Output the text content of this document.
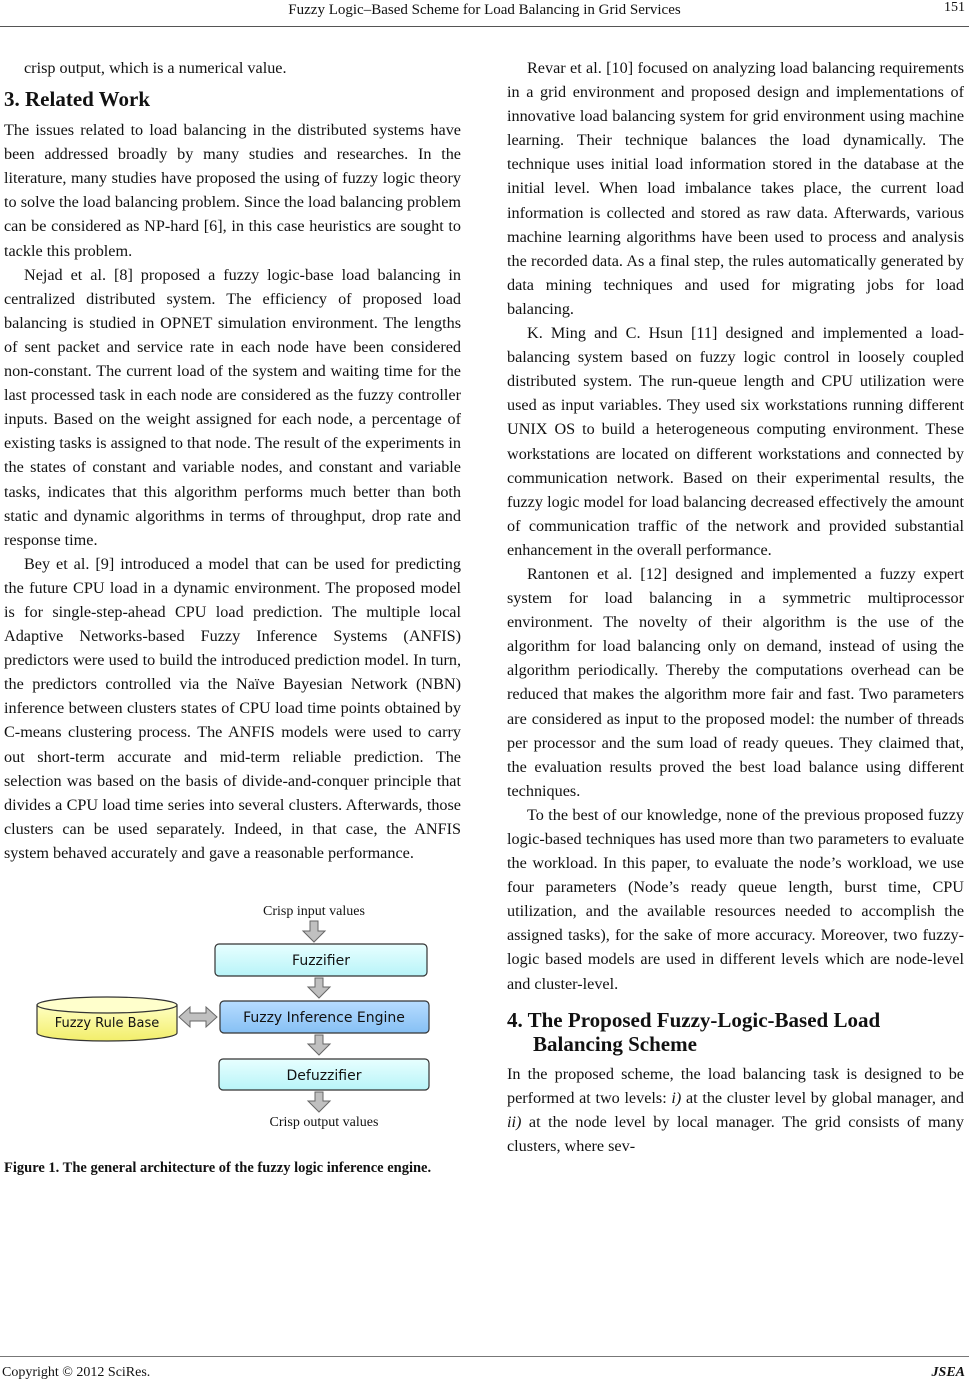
Fuzzy Logic–Based Scheme for Load Balancing in Grid Services	151

crisp output, which is a numerical value.

3. Related Work

The issues related to load balancing in the distributed systems have been addressed broadly by many studies and researches. In the literature, many studies have proposed the using of fuzzy logic theory to solve the load balancing problem. Since the load balancing problem can be considered as NP-hard [6], in this case heuristics are sought to tackle this problem.

Nejad et al. [8] proposed a fuzzy logic-base load balancing in centralized distributed system. The efficiency of proposed load balancing is studied in OPNET simulation environment. The lengths of sent packet and service rate in each node have been considered non-constant. The current load of the system and waiting time for the last processed task in each node are considered as the fuzzy controller inputs. Based on the weight assigned for each node, a percentage of existing tasks is assigned to that node. The result of the experiments in the states of constant and variable nodes, and constant and variable tasks, indicates that this algorithm performs much better than both static and dynamic algorithms in terms of throughput, drop rate and response time.

Bey et al. [9] introduced a model that can be used for predicting the future CPU load in a dynamic environment. The proposed model is for single-step-ahead CPU load prediction. The multiple local Adaptive Networks-based Fuzzy Inference Systems (ANFIS) predictors were used to build the introduced prediction model. In turn, the predictors controlled via the Naïve Bayesian Network (NBN) inference between clusters states of CPU load time points obtained by C-means clustering process. The ANFIS models were used to carry out short-term accurate and mid-term reliable prediction. The selection was based on the basis of divide-and-conquer principle that divides a CPU load time series into several clusters. Afterwards, those clusters can be used separately. Indeed, in that case, the ANFIS system behaved accurately and gave a reasonable performance.

Crisp input values
Fuzzifier
Fuzzy Inference Engine
Fuzzy Rule Base
Defuzzifier
Crisp output values
Figure 1. The general architecture of the fuzzy logic inference engine.

Revar et al. [10] focused on analyzing load balancing requirements in a grid environment and proposed design and implementations of innovative load balancing system for grid environment using machine learning. Their technique balances the load dynamically. The technique uses initial load information stored in the database at the initial level. When load imbalance takes place, the current load information is collected and stored as raw data. Afterwards, various machine learning algorithms have been used to process and analysis the recorded data. As a final step, the rules automatically generated by data mining techniques and used for migrating jobs for load balancing.

K. Ming and C. Hsun [11] designed and implemented a load-balancing system based on fuzzy logic control in loosely coupled distributed system. The run-queue length and CPU utilization were used as input variables. They used six workstations running different UNIX OS to build a heterogeneous computing environment. These workstations are located on different workstations and connected by communication network. Based on their experimental results, the fuzzy logic model for load balancing decreased effectively the amount of communication traffic of the network and provided substantial enhancement in the overall performance.

Rantonen et al. [12] designed and implemented a fuzzy expert system for load balancing in a symmetric multiprocessor environment. The novelty of their algorithm is the use of the algorithm for load balancing only on demand, instead of using the algorithm periodically. Thereby the computations overhead can be reduced that makes the algorithm more fair and fast. Two parameters are considered as input to the proposed model: the number of threads per processor and the sum load of ready queues. They claimed that, the evaluation results proved the best load balance using different techniques.

To the best of our knowledge, none of the previous proposed fuzzy logic-based techniques has used more than two parameters to evaluate the workload. In this paper, to evaluate the node’s workload, we use four parameters (Node’s ready queue length, burst time, CPU utilization, and the available resources needed to accomplish the assigned tasks), for the sake of more accuracy. Moreover, two fuzzy-logic based models are used in different levels which are node-level and cluster-level.

4. The Proposed Fuzzy-Logic-Based Load Balancing Scheme

In the proposed scheme, the load balancing task is designed to be performed at two levels: i) at the cluster level by global manager, and ii) at the node level by local manager. The grid consists of many clusters, where sev-

Copyright © 2012 SciRes.	JSEA
